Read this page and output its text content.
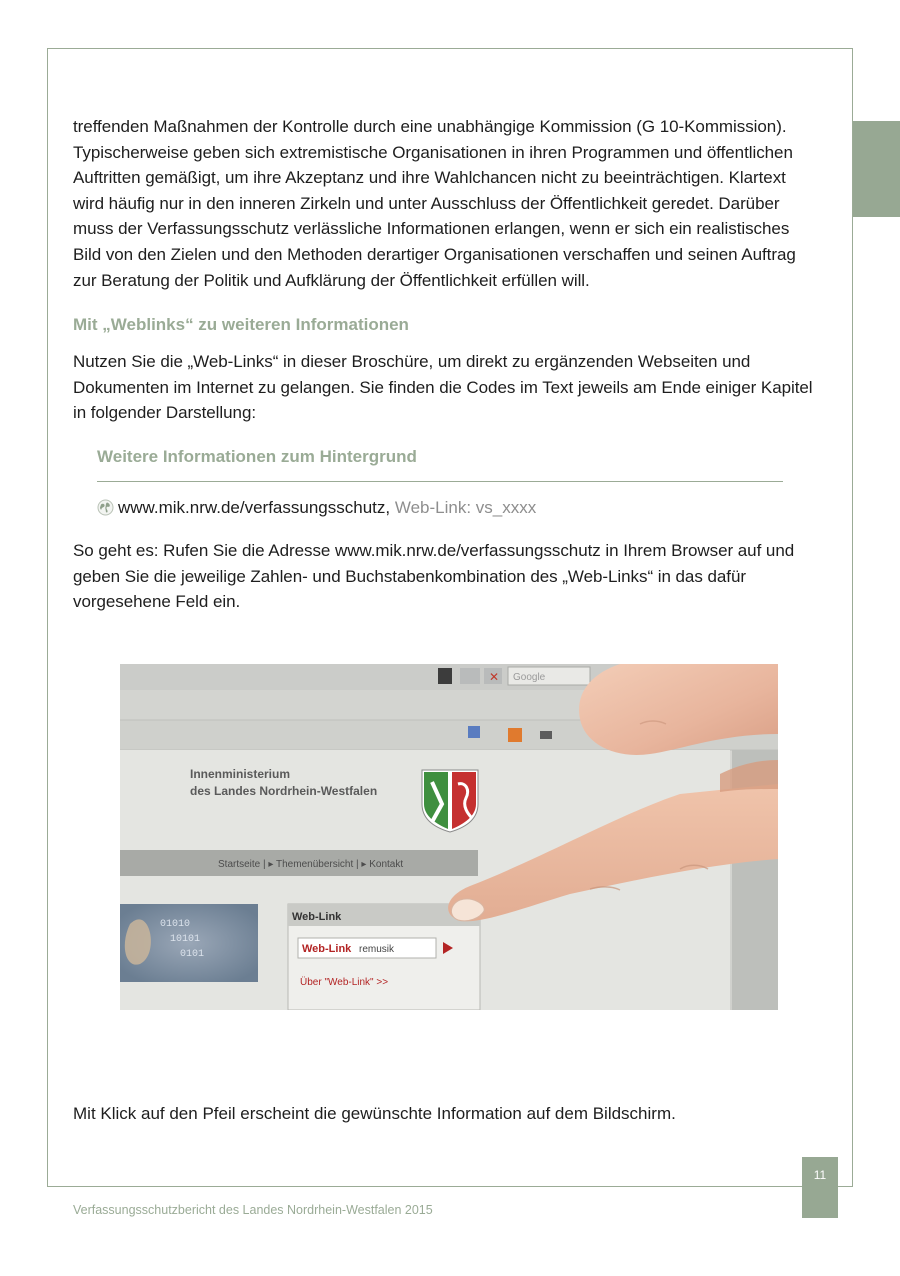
treffenden Maßnahmen der Kontrolle durch eine unabhängige Kommission (G 10-Kommission). Typischerweise geben sich extremistische Organisationen in ihren Programmen und öffentlichen Auftritten gemäßigt, um ihre Akzeptanz und ihre Wahlchancen nicht zu beeinträchtigen. Klartext wird häufig nur in den inneren Zirkeln und unter Ausschluss der Öffentlichkeit geredet. Darüber muss der Verfassungsschutz verlässliche Informationen erlangen, wenn er sich ein realistisches Bild von den Zielen und den Methoden derartiger Organisationen verschaffen und seinen Auftrag zur Beratung der Politik und Aufklärung der Öffentlichkeit erfüllen will.

Mit „Weblinks“ zu weiteren Informationen

Nutzen Sie die „Web-Links“ in dieser Broschüre, um direkt zu ergänzenden Webseiten und Dokumenten im Internet zu gelangen. Sie finden die Codes im Text jeweils am Ende einiger Kapitel in folgender Darstellung:

Weitere Informationen zum Hintergrund

www.mik.nrw.de/verfassungsschutz,
Web-Link: vs_xxxx

So geht es: Rufen Sie die Adresse www.mik.nrw.de/verfassungsschutz in Ihrem Browser auf und geben Sie die jeweilige Zahlen- und Buchstabenkombination des „Web-Links“ in das dafür vorgesehene Feld ein.

✕ Google
Innenministerium
des Landes Nordrhein-Westfalen
Startseite | ▸ Themenübersicht | ▸ Kontakt
01010
10101
0101
Web-Link
Web-Link remusik
Über "Web-Link" >>

Mit Klick auf den Pfeil erscheint die gewünschte Information auf dem Bildschirm.

11
Verfassungsschutzbericht des Landes Nordrhein-Westfalen 2015
